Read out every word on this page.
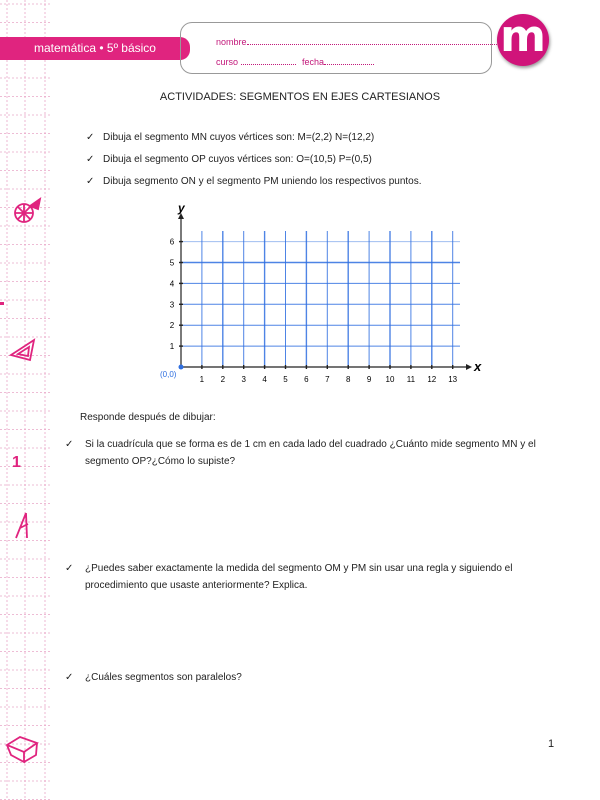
1
matemática • 5º básico	nombre
curso	fecha	m
ACTIVIDADES: SEGMENTOS EN EJES CARTESIANOS
✓ Dibuja el segmento MN cuyos vértices son: M=(2,2) N=(12,2)
✓ Dibuja el segmento OP cuyos vértices son: O=(10,5) P=(0,5)
✓ Dibuja segmento ON y el segmento PM uniendo los respectivos puntos.
x
y
(0,0)
1 2 3 4 5 6 7 8 9 10 11 12 13
1
2
3
4
5
6
Responde después de dibujar:
✓ Si la cuadrícula que se forma es de 1 cm en cada lado del cuadrado ¿Cuánto mide segmento MN y el segmento OP?¿Cómo lo supiste?
✓ ¿Puedes saber exactamente la medida del segmento OM y PM sin usar una regla y siguiendo el procedimiento que usaste anteriormente? Explica.
✓ ¿Cuáles segmentos son paralelos?
1
